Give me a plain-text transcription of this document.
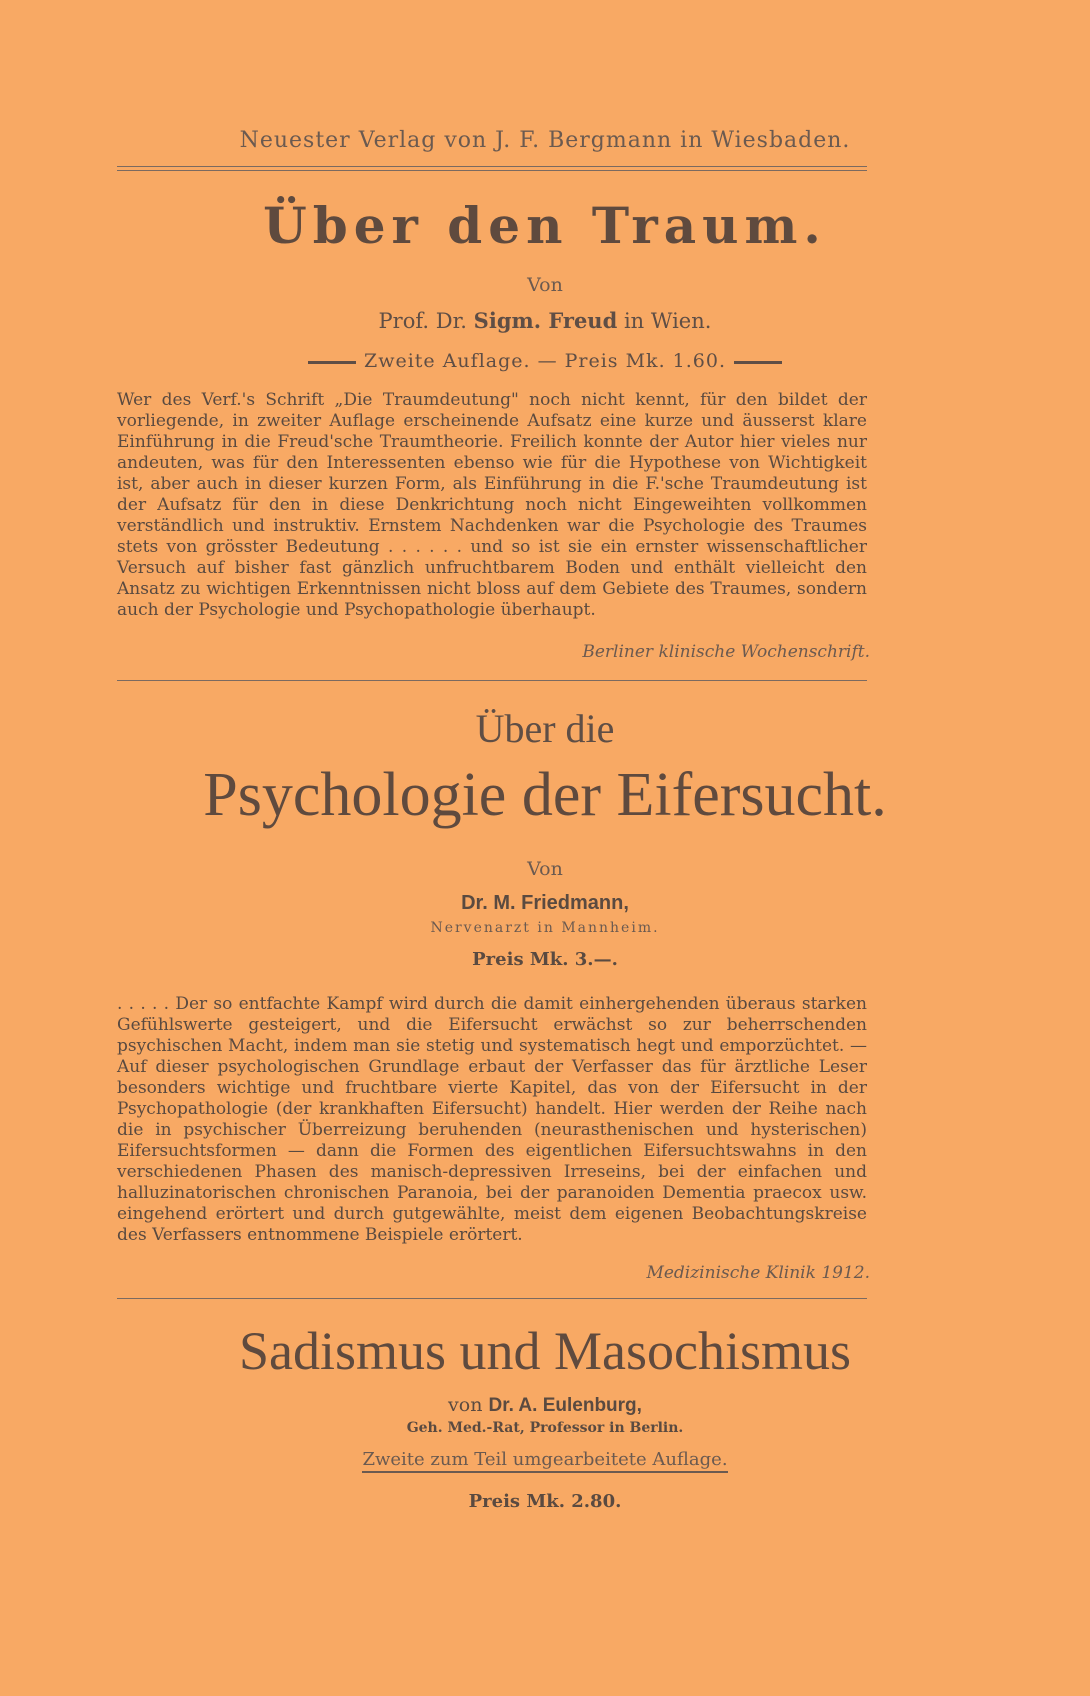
Neuester Verlag von J. F. Bergmann in Wiesbaden.
Über den Traum.
Von
Prof. Dr. Sigm. Freud in Wien.
Zweite Auflage. — Preis Mk. 1.60.
Wer des Verf.'s Schrift „Die Traumdeutung" noch nicht kennt, für den bildet der vorliegende, in zweiter Auflage erscheinende Aufsatz eine kurze und äusserst klare Einführung in die Freud'sche Traumtheorie. Freilich konnte der Autor hier vieles nur andeuten, was für den Interessenten ebenso wie für die Hypothese von Wichtigkeit ist, aber auch in dieser kurzen Form, als Einführung in die F.'sche Traumdeutung ist der Aufsatz für den in diese Denkrichtung noch nicht Eingeweihten vollkommen verständlich und instruktiv. Ernstem Nachdenken war die Psychologie des Traumes stets von grösster Bedeutung . . . . . . und so ist sie ein ernster wissenschaftlicher Versuch auf bisher fast gänzlich unfruchtbarem Boden und enthält vielleicht den Ansatz zu wichtigen Erkenntnissen nicht bloss auf dem Gebiete des Traumes, sondern auch der Psychologie und Psychopathologie überhaupt.
Berliner klinische Wochenschrift.
Über die
Psychologie der Eifersucht.
Von
Dr. M. Friedmann,
Nervenarzt in Mannheim.
Preis Mk. 3.—.
. . . . . Der so entfachte Kampf wird durch die damit einhergehenden überaus starken Gefühlswerte gesteigert, und die Eifersucht erwächst so zur beherrschenden psychischen Macht, indem man sie stetig und systematisch hegt und emporzüchtet. — Auf dieser psychologischen Grundlage erbaut der Verfasser das für ärztliche Leser besonders wichtige und fruchtbare vierte Kapitel, das von der Eifersucht in der Psychopathologie (der krankhaften Eifersucht) handelt. Hier werden der Reihe nach die in psychischer Überreizung beruhenden (neurasthenischen und hysterischen) Eifersuchtsformen — dann die Formen des eigentlichen Eifersuchtswahns in den verschiedenen Phasen des manisch-depressiven Irreseins, bei der einfachen und halluzinatorischen chronischen Paranoia, bei der paranoiden Dementia praecox usw. eingehend erörtert und durch gutgewählte, meist dem eigenen Beobachtungskreise des Verfassers entnommene Beispiele erörtert.
Medizinische Klinik 1912.
Sadismus und Masochismus
von Dr. A. Eulenburg,
Geh. Med.-Rat, Professor in Berlin.
Zweite zum Teil umgearbeitete Auflage.
Preis Mk. 2.80.
